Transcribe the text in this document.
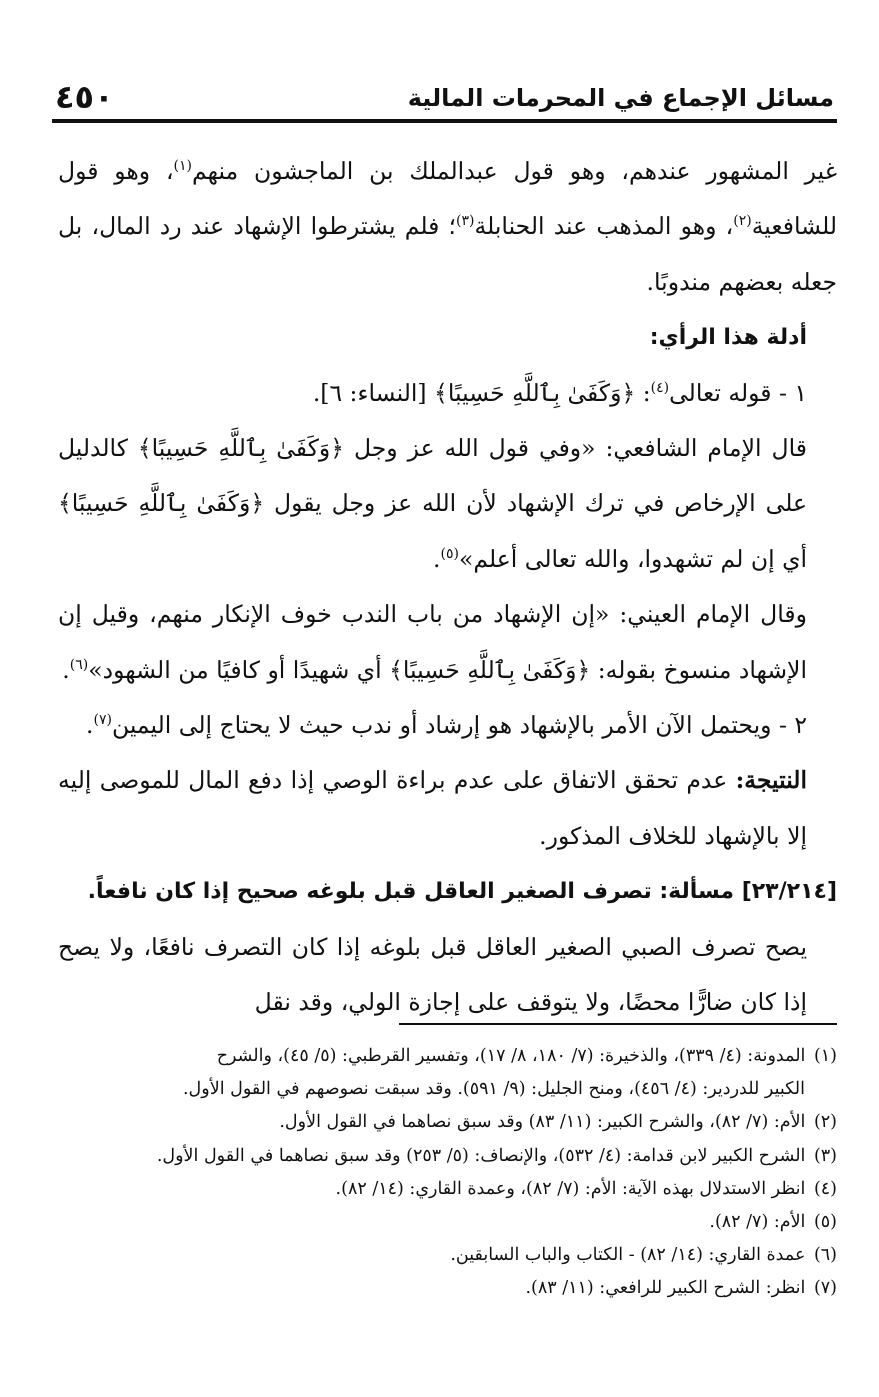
٤٥٠	مسائل الإجماع في المحرمات المالية

غير المشهور عندهم، وهو قول عبدالملك بن الماجشون منهم$^{(١)}$، وهو قول للشافعية$^{(٢)}$، وهو المذهب عند الحنابلة$^{(٣)}$؛ فلم يشترطوا الإشهاد عند رد المال، بل جعله بعضهم مندوبًا.

أدلة هذا الرأي:

١ - قوله تعالى$^{(٤)}$: ﴿وَكَفَىٰ بِٱللَّهِ حَسِيبًا﴾ [النساء: ٦].

قال الإمام الشافعي: «وفي قول الله عز وجل ﴿وَكَفَىٰ بِٱللَّهِ حَسِيبًا﴾ كالدليل على الإرخاص في ترك الإشهاد لأن الله عز وجل يقول ﴿وَكَفَىٰ بِٱللَّهِ حَسِيبًا﴾ أي إن لم تشهدوا، والله تعالى أعلم»$^{(٥)}$.

وقال الإمام العيني: «إن الإشهاد من باب الندب خوف الإنكار منهم، وقيل إن الإشهاد منسوخ بقوله: ﴿وَكَفَىٰ بِٱللَّهِ حَسِيبًا﴾ أي شهيدًا أو كافيًا من الشهود»$^{(٦)}$.

٢ - ويحتمل الآن الأمر بالإشهاد هو إرشاد أو ندب حيث لا يحتاج إلى اليمين$^{(٧)}$.

النتيجة: عدم تحقق الاتفاق على عدم براءة الوصي إذا دفع المال للموصى إليه إلا بالإشهاد للخلاف المذكور.

[٢٣/٢١٤] مسألة: تصرف الصغير العاقل قبل بلوغه صحيح إذا كان نافعاً.

يصح تصرف الصبي الصغير العاقل قبل بلوغه إذا كان التصرف نافعًا، ولا يصح إذا كان ضارًّا محضًا، ولا يتوقف على إجازة الولي، وقد نقل

(١) المدونة: (٤/ ٣٣٩)، والذخيرة: (٧/ ١٨٠، ٨/ ١٧)، وتفسير القرطبي: (٥/ ٤٥)، والشرح

الكبير للدردير: (٤/ ٤٥٦)، ومنح الجليل: (٩/ ٥٩١). وقد سبقت نصوصهم في القول الأول.

(٢) الأم: (٧/ ٨٢)، والشرح الكبير: (١١/ ٨٣) وقد سبق نصاهما في القول الأول.

(٣) الشرح الكبير لابن قدامة: (٤/ ٥٣٢)، والإنصاف: (٥/ ٢٥٣) وقد سبق نصاهما في القول الأول.

(٤) انظر الاستدلال بهذه الآية: الأم: (٧/ ٨٢)، وعمدة القاري: (١٤/ ٨٢).

(٥) الأم: (٧/ ٨٢).

(٦) عمدة القاري: (١٤/ ٨٢) - الكتاب والباب السابقين.

(٧) انظر: الشرح الكبير للرافعي: (١١/ ٨٣).
